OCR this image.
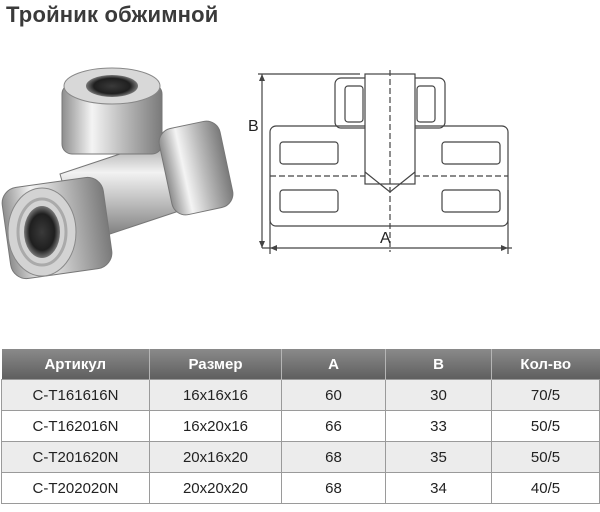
Тройник обжимной
B
A
Артикул	Размер	A	B	Кол-во
C-T161616N	16x16x16	60	30	70/5
C-T162016N	16x20x16	66	33	50/5
C-T201620N	20x16x20	68	35	50/5
C-T202020N	20x20x20	68	34	40/5
